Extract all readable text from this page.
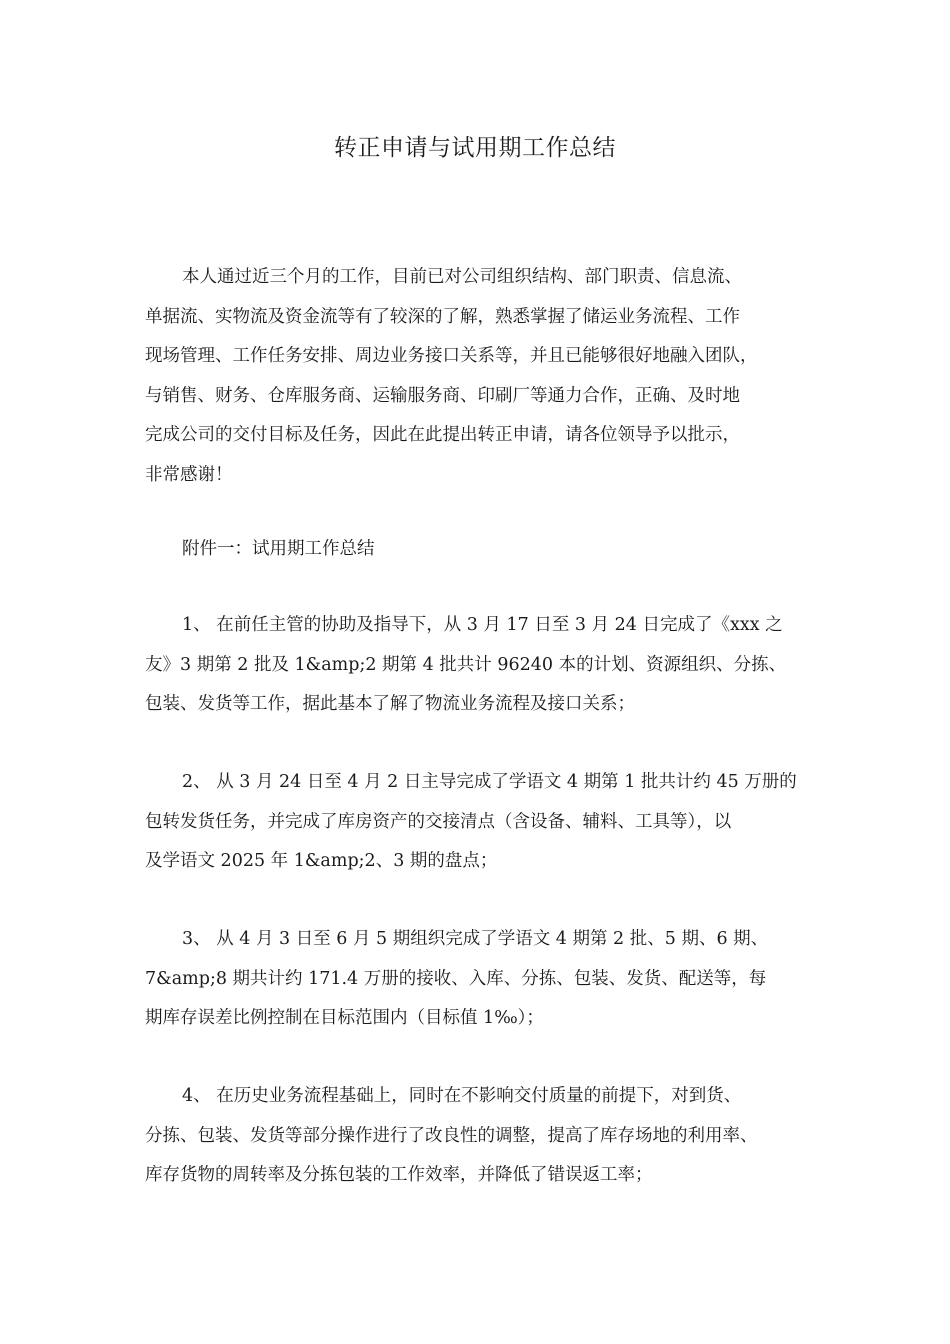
转正申请与试用期工作总结
本人通过近三个月的工作，目前已对公司组织结构、部门职责、信息流、
单据流、实物流及资金流等有了较深的了解，熟悉掌握了储运业务流程、工作
现场管理、工作任务安排、周边业务接口关系等，并且已能够很好地融入团队，
与销售、财务、仓库服务商、运输服务商、印刷厂等通力合作，正确、及时地
完成公司的交付目标及任务，因此在此提出转正申请，请各位领导予以批示，
非常感谢！
附件一：试用期工作总结
1、 在前任主管的协助及指导下，从 3 月 17 日至 3 月 24 日完成了《xxx 之
友》3 期第 2 批及 1&amp;2 期第 4 批共计 96240 本的计划、资源组织、分拣、
包装、发货等工作，据此基本了解了物流业务流程及接口关系；
2、 从 3 月 24 日至 4 月 2 日主导完成了学语文 4 期第 1 批共计约 45 万册的
包转发货任务，并完成了库房资产的交接清点（含设备、辅料、工具等），以
及学语文 2025 年 1&amp;2、3 期的盘点；
3、 从 4 月 3 日至 6 月 5 期组织完成了学语文 4 期第 2 批、5 期、6 期、
7&amp;8 期共计约 171.4 万册的接收、入库、分拣、包装、发货、配送等，每
期库存误差比例控制在目标范围内（目标值 1‰）；
4、 在历史业务流程基础上，同时在不影响交付质量的前提下，对到货、
分拣、包装、发货等部分操作进行了改良性的调整，提高了库存场地的利用率、
库存货物的周转率及分拣包装的工作效率，并降低了错误返工率；
